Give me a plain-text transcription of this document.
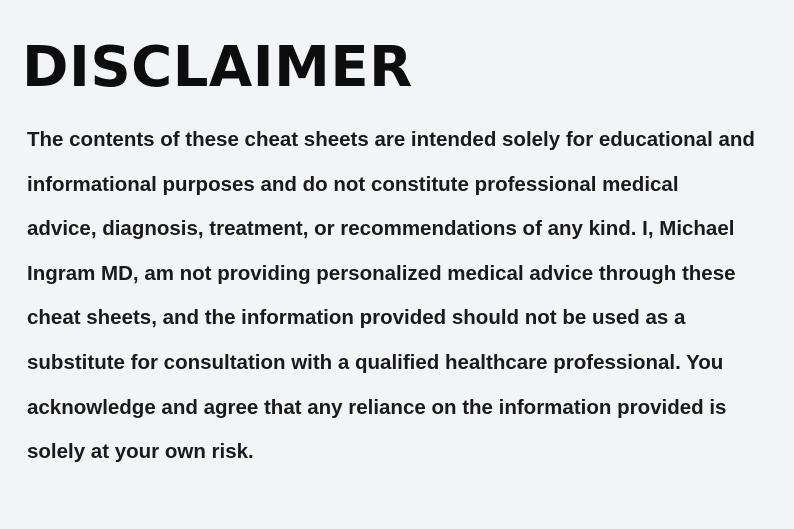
DISCLAIMER
The contents of these cheat sheets are intended solely for educational and
informational purposes and do not constitute professional medical
advice, diagnosis, treatment, or recommendations of any kind. I, Michael
Ingram MD, am not providing personalized medical advice through these
cheat sheets, and the information provided should not be used as a
substitute for consultation with a qualified healthcare professional. You
acknowledge and agree that any reliance on the information provided is
solely at your own risk.
